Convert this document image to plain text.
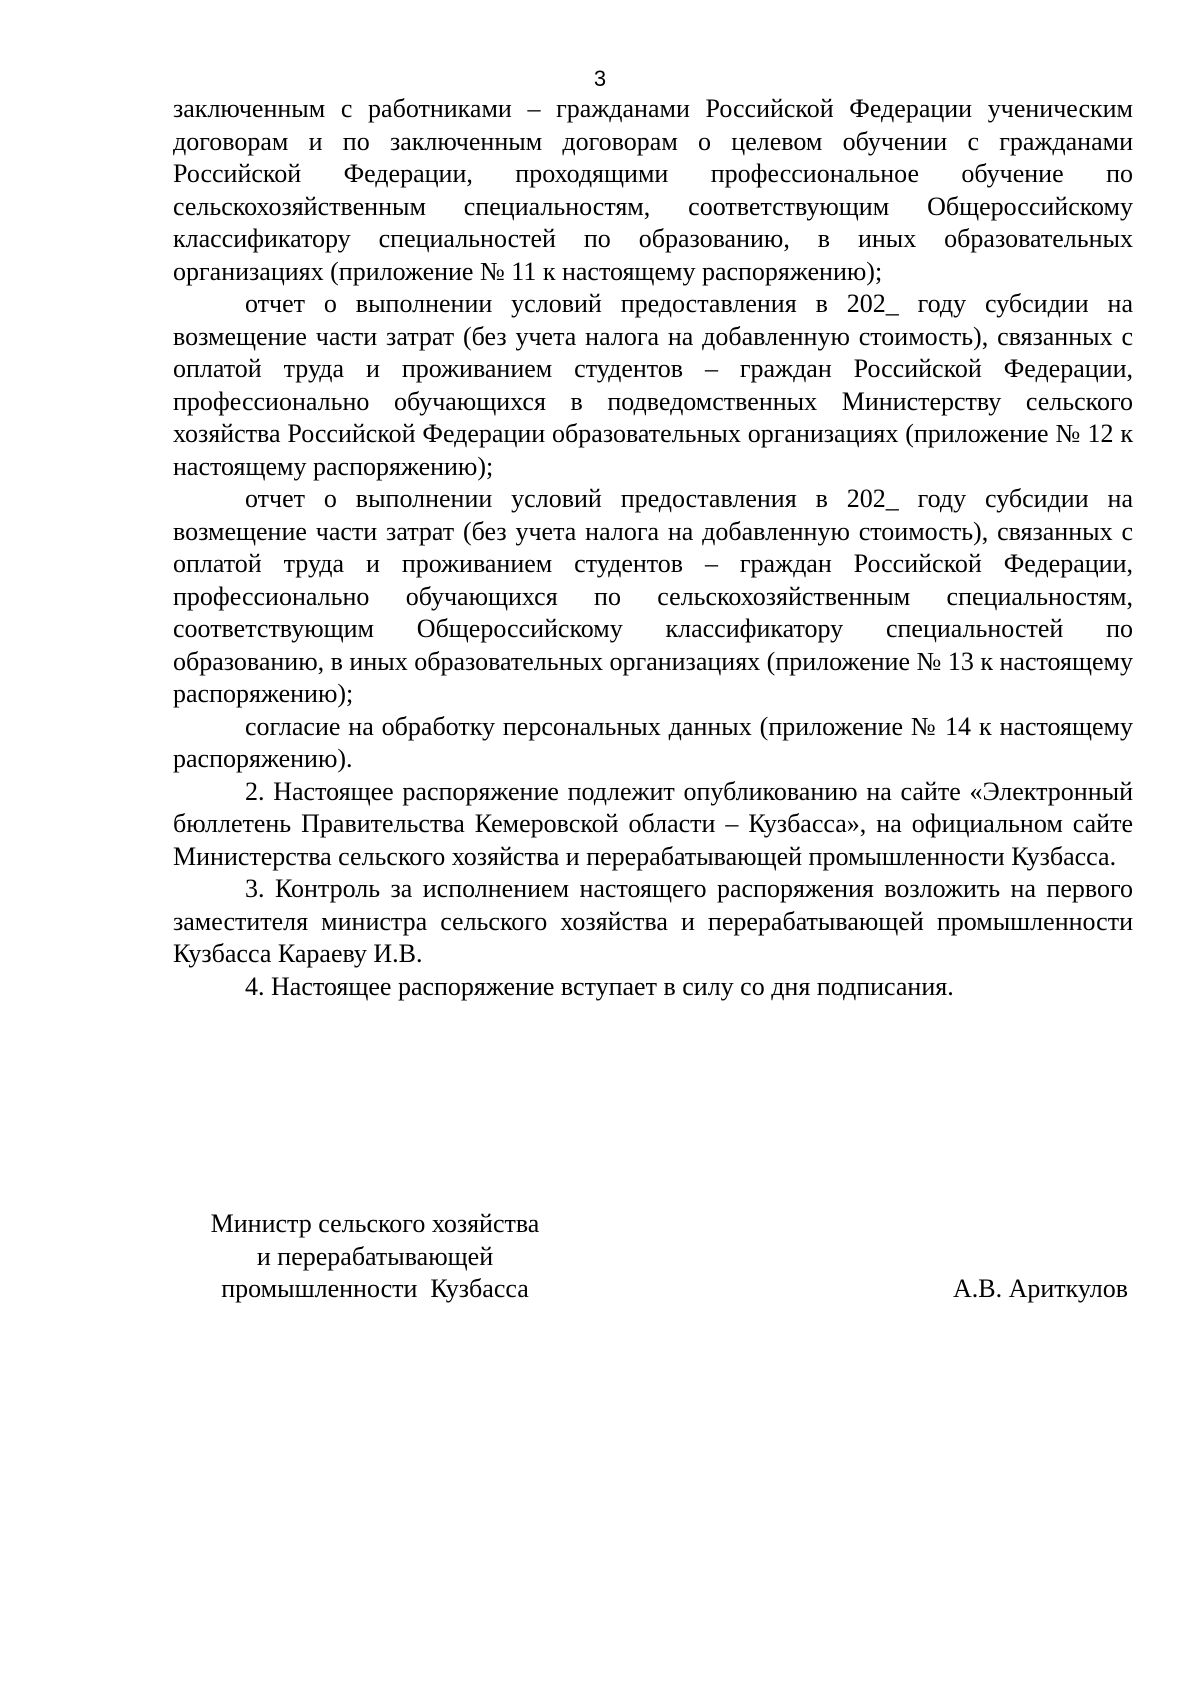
3

заключенным с работниками – гражданами Российской Федерации ученическим договорам и по заключенным договорам о целевом обучении с гражданами Российской Федерации, проходящими профессиональное обучение по сельскохозяйственным специальностям, соответствующим Общероссийскому классификатору специальностей по образованию, в иных образовательных организациях (приложение № 11 к настоящему распоряжению);

отчет о выполнении условий предоставления в 202_ году субсидии на возмещение части затрат (без учета налога на добавленную стоимость), связанных с оплатой труда и проживанием студентов – граждан Российской Федерации, профессионально обучающихся в подведомственных Министерству сельского хозяйства Российской Федерации образовательных организациях (приложение № 12 к настоящему распоряжению);

отчет о выполнении условий предоставления в 202_ году субсидии на возмещение части затрат (без учета налога на добавленную стоимость), связанных с оплатой труда и проживанием студентов – граждан Российской Федерации, профессионально обучающихся по сельскохозяйственным специальностям, соответствующим Общероссийскому классификатору специальностей по образованию, в иных образовательных организациях (приложение № 13 к настоящему распоряжению);

согласие на обработку персональных данных (приложение № 14 к настоящему распоряжению).

2. Настоящее распоряжение подлежит опубликованию на сайте «Электронный бюллетень Правительства Кемеровской области – Кузбасса», на официальном сайте Министерства сельского хозяйства и перерабатывающей промышленности Кузбасса.

3. Контроль за исполнением настоящего распоряжения возложить на первого заместителя министра сельского хозяйства и перерабатывающей промышленности Кузбасса Караеву И.В.

4. Настоящее распоряжение вступает в силу со дня подписания.

Министр сельского хозяйства
и перерабатывающей
промышленности  Кузбасса	А.В. Ариткулов
